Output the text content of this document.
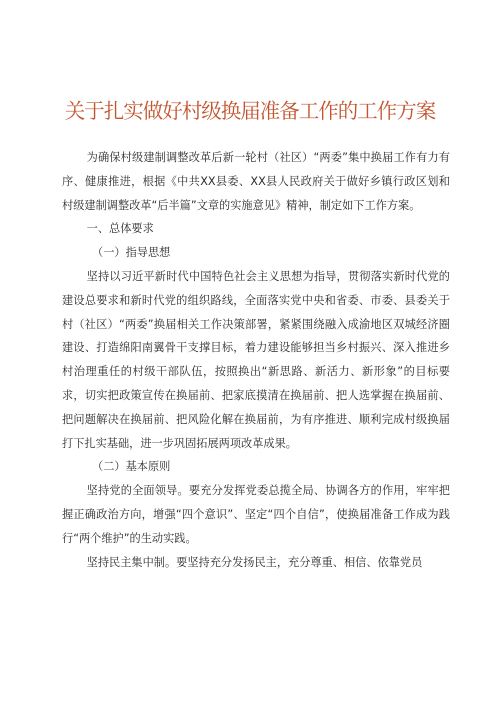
关于扎实做好村级换届准备工作的工作方案

为确保村级建制调整改革后新一轮村（社区）“两委”集中换届工作有力有序、健康推进，根据《中共XX县委、XX县人民政府关于做好乡镇行政区划和村级建制调整改革“后半篇”文章的实施意见》精神，制定如下工作方案。

一、总体要求

（一）指导思想

坚持以习近平新时代中国特色社会主义思想为指导，贯彻落实新时代党的建设总要求和新时代党的组织路线，全面落实党中央和省委、市委、县委关于村（社区）“两委”换届相关工作决策部署，紧紧围绕融入成渝地区双城经济圈建设、打造绵阳南翼骨干支撑目标，着力建设能够担当乡村振兴、深入推进乡村治理重任的村级干部队伍，按照换出“新思路、新活力、新形象”的目标要求，切实把政策宣传在换届前、把家底摸清在换届前、把人选掌握在换届前、把问题解决在换届前、把风险化解在换届前，为有序推进、顺利完成村级换届打下扎实基础，进一步巩固拓展两项改革成果。

（二）基本原则

坚持党的全面领导。要充分发挥党委总揽全局、协调各方的作用，牢牢把握正确政治方向，增强“四个意识”、坚定“四个自信”，使换届准备工作成为践行“两个维护”的生动实践。

坚持民主集中制。要坚持充分发扬民主，充分尊重、相信、依靠党员
